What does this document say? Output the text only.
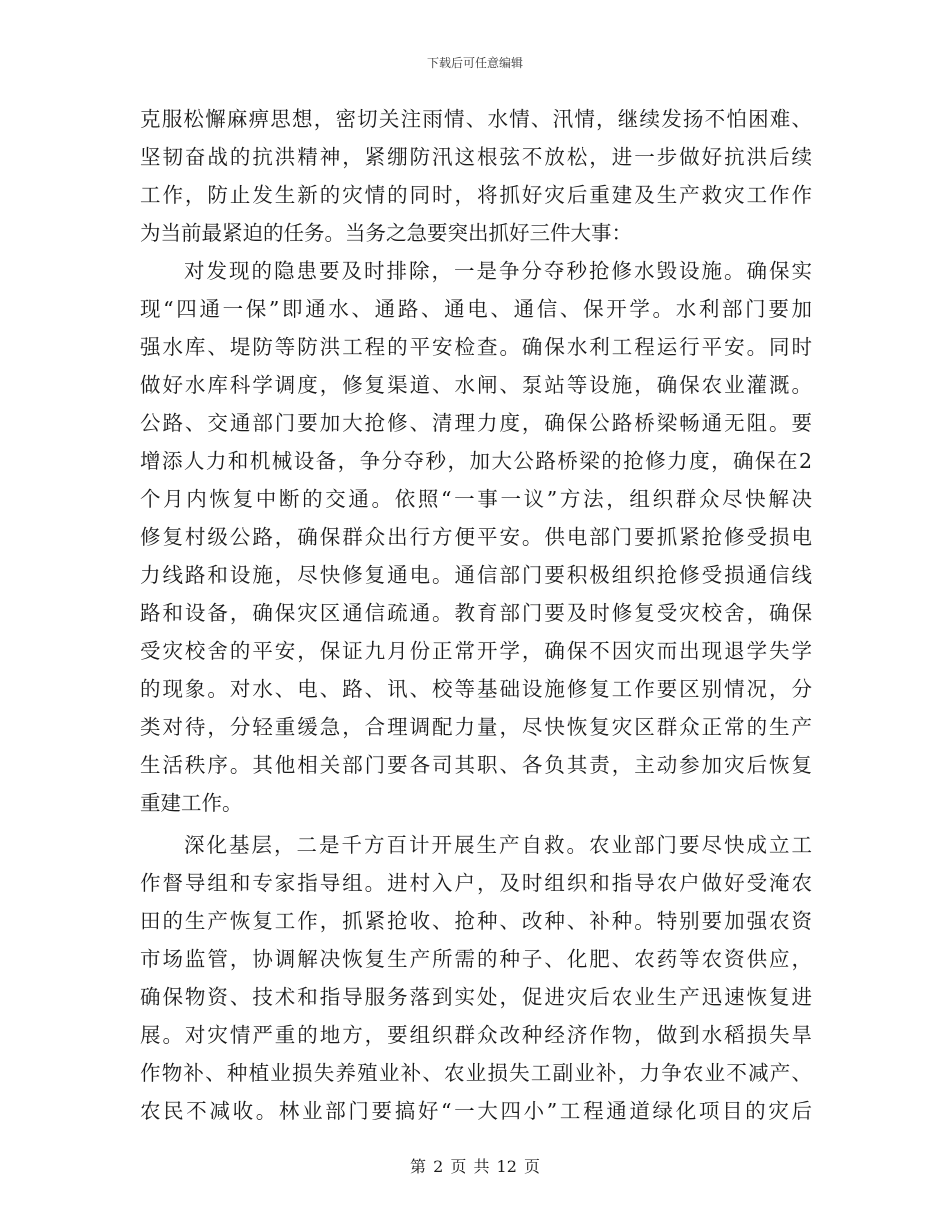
下载后可任意编辑
克服松懈麻痹思想，密切关注雨情、水情、汛情，继续发扬不怕困难、
坚韧奋战的抗洪精神，紧绷防汛这根弦不放松，进一步做好抗洪后续
工作，防止发生新的灾情的同时，将抓好灾后重建及生产救灾工作作
为当前最紧迫的任务。当务之急要突出抓好三件大事：
对发现的隐患要及时排除，一是争分夺秒抢修水毁设施。确保实
现“四通一保”即通水、通路、通电、通信、保开学。水利部门要加
强水库、堤防等防洪工程的平安检查。确保水利工程运行平安。同时
做好水库科学调度，修复渠道、水闸、泵站等设施，确保农业灌溉。
公路、交通部门要加大抢修、清理力度，确保公路桥梁畅通无阻。要
增添人力和机械设备，争分夺秒，加大公路桥梁的抢修力度，确保在2
个月内恢复中断的交通。依照“一事一议”方法，组织群众尽快解决
修复村级公路，确保群众出行方便平安。供电部门要抓紧抢修受损电
力线路和设施，尽快修复通电。通信部门要积极组织抢修受损通信线
路和设备，确保灾区通信疏通。教育部门要及时修复受灾校舍，确保
受灾校舍的平安，保证九月份正常开学，确保不因灾而出现退学失学
的现象。对水、电、路、讯、校等基础设施修复工作要区别情况，分
类对待，分轻重缓急，合理调配力量，尽快恢复灾区群众正常的生产
生活秩序。其他相关部门要各司其职、各负其责，主动参加灾后恢复
重建工作。
深化基层，二是千方百计开展生产自救。农业部门要尽快成立工
作督导组和专家指导组。进村入户，及时组织和指导农户做好受淹农
田的生产恢复工作，抓紧抢收、抢种、改种、补种。特别要加强农资
市场监管，协调解决恢复生产所需的种子、化肥、农药等农资供应，
确保物资、技术和指导服务落到实处，促进灾后农业生产迅速恢复进
展。对灾情严重的地方，要组织群众改种经济作物，做到水稻损失旱
作物补、种植业损失养殖业补、农业损失工副业补，力争农业不减产、
农民不减收。林业部门要搞好“一大四小”工程通道绿化项目的灾后
第 2 页 共 12 页
